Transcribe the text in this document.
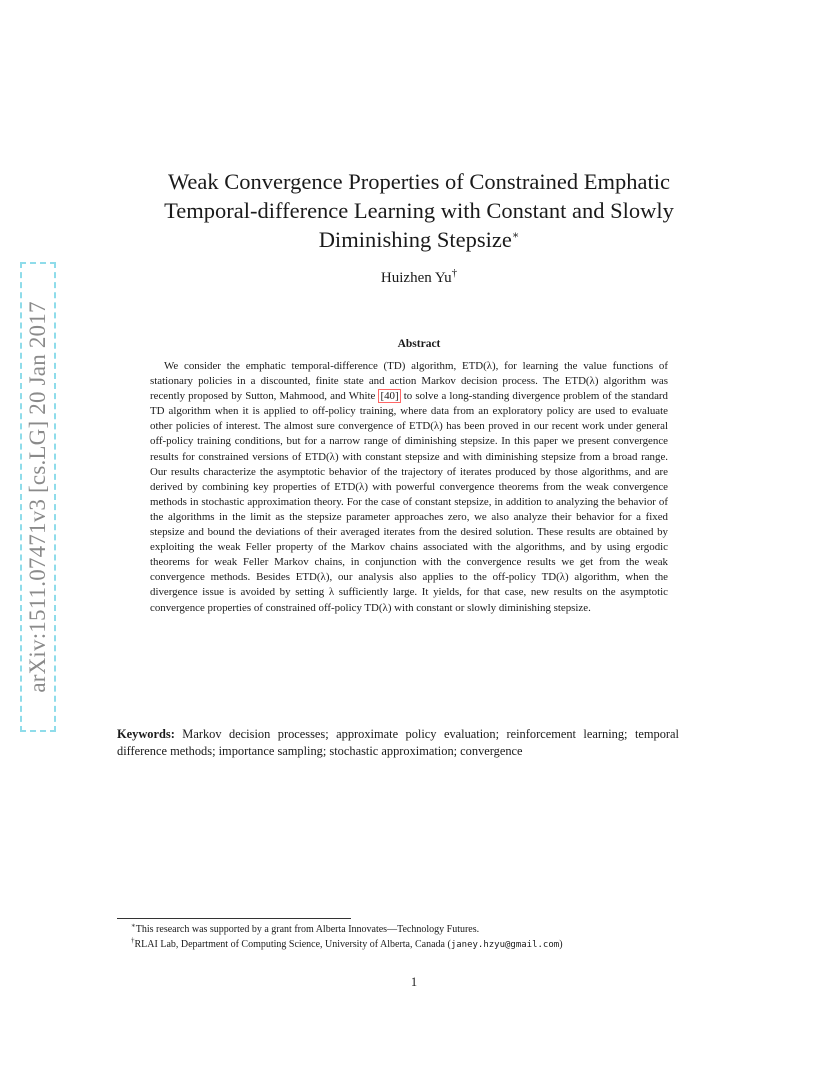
arXiv:1511.07471v3 [cs.LG] 20 Jan 2017
Weak Convergence Properties of Constrained Emphatic Temporal-difference Learning with Constant and Slowly Diminishing Stepsize∗
Huizhen Yu†
Abstract

We consider the emphatic temporal-difference (TD) algorithm, ETD(λ), for learning the value functions of stationary policies in a discounted, finite state and action Markov decision process. The ETD(λ) algorithm was recently proposed by Sutton, Mahmood, and White [40] to solve a long-standing divergence problem of the standard TD algorithm when it is applied to off-policy training, where data from an exploratory policy are used to evaluate other policies of interest. The almost sure convergence of ETD(λ) has been proved in our recent work under general off-policy training conditions, but for a narrow range of diminishing stepsize. In this paper we present convergence results for constrained versions of ETD(λ) with constant stepsize and with diminishing stepsize from a broad range. Our results characterize the asymptotic behavior of the trajectory of iterates produced by those algorithms, and are derived by combining key properties of ETD(λ) with powerful convergence theorems from the weak convergence methods in stochastic approximation theory. For the case of constant stepsize, in addition to analyzing the behavior of the algorithms in the limit as the stepsize parameter approaches zero, we also analyze their behavior for a fixed stepsize and bound the deviations of their averaged iterates from the desired solution. These results are obtained by exploiting the weak Feller property of the Markov chains associated with the algorithms, and by using ergodic theorems for weak Feller Markov chains, in conjunction with the convergence results we get from the weak convergence methods. Besides ETD(λ), our analysis also applies to the off-policy TD(λ) algorithm, when the divergence issue is avoided by setting λ sufficiently large. It yields, for that case, new results on the asymptotic convergence properties of constrained off-policy TD(λ) with constant or slowly diminishing stepsize.

Keywords: Markov decision processes; approximate policy evaluation; reinforcement learning; temporal difference methods; importance sampling; stochastic approximation; convergence

∗This research was supported by a grant from Alberta Innovates—Technology Futures.

†RLAI Lab, Department of Computing Science, University of Alberta, Canada (janey.hzyu@gmail.com)

1
